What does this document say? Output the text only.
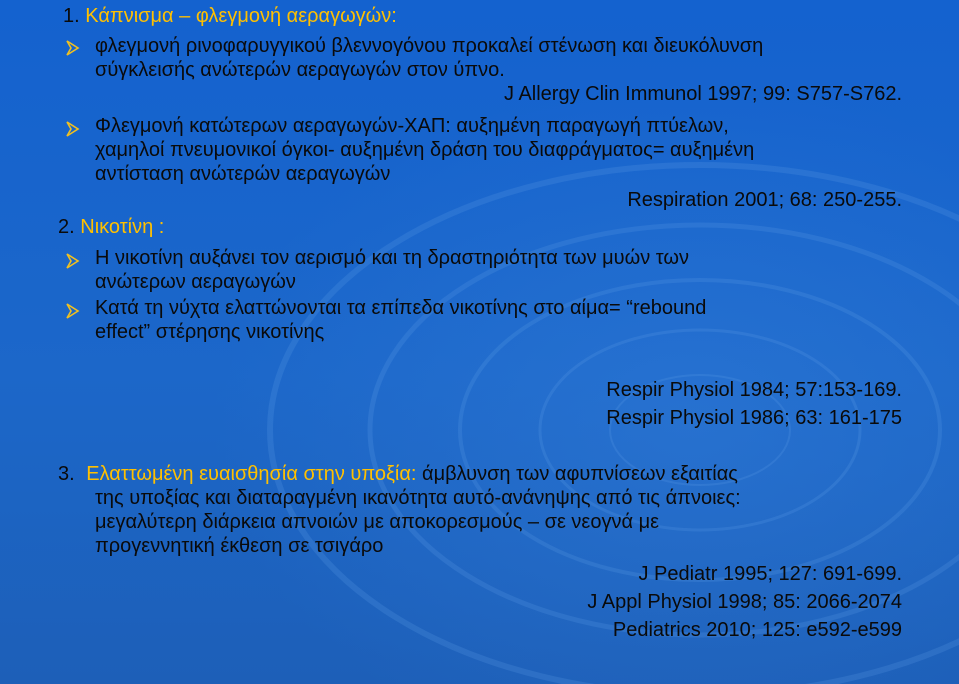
1. Κάπνισμα – φλεγμονή αεραγωγών:
φλεγμονή ρινοφαρυγγικού βλεννογόνου προκαλεί στένωση και διευκόλυνση
σύγκλεισής ανώτερών αεραγωγών στον ύπνο.
J Allergy Clin Immunol 1997; 99: S757-S762.
Φλεγμονή κατώτερων αεραγωγών-ΧΑΠ: αυξημένη παραγωγή πτύελων,
χαμηλοί πνευμονικοί όγκοι- αυξημένη δράση του διαφράγματος= αυξημένη
αντίσταση ανώτερών αεραγωγών
Respiration 2001; 68: 250-255.
2. Νικοτίνη :
Η νικοτίνη αυξάνει τον αερισμό και τη δραστηριότητα των μυών των
ανώτερων αεραγωγών
Κατά τη νύχτα ελαττώνονται τα επίπεδα νικοτίνης στο αίμα= “rebound
effect” στέρησης νικοτίνης
Respir Physiol 1984; 57:153-169.
Respir Physiol 1986; 63: 161-175
3. Ελαττωμένη ευαισθησία στην υποξία: άμβλυνση των αφυπνίσεων εξαιτίας
της υποξίας και διαταραγμένη ικανότητα αυτό-ανάνηψης από τις άπνοιες:
μεγαλύτερη διάρκεια απνοιών με αποκορεσμούς – σε νεογνά με
προγεννητική έκθεση σε τσιγάρο
J Pediatr 1995; 127: 691-699.
J Appl Physiol 1998; 85: 2066-2074
Pediatrics 2010; 125: e592-e599
